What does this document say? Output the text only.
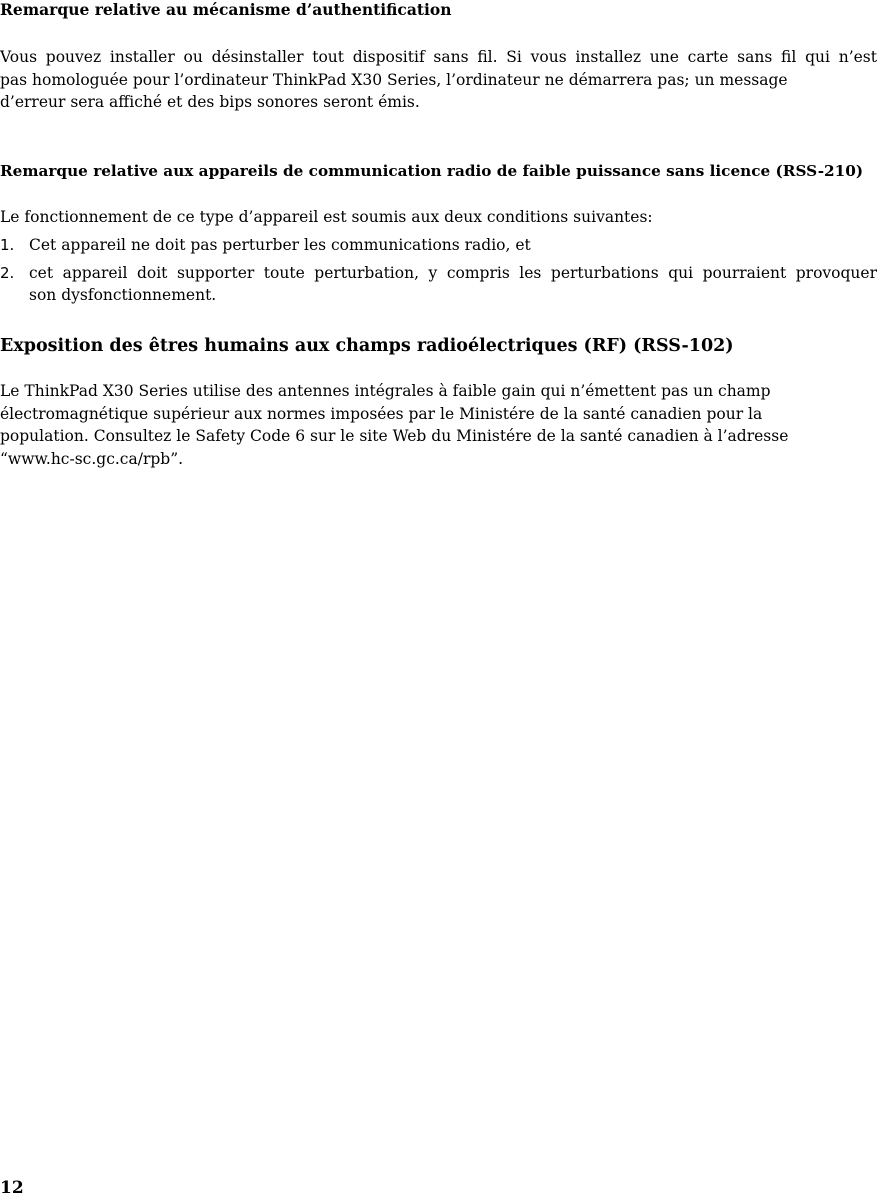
Remarque relative au mécanisme d’authentification
Vous pouvez installer ou désinstaller tout dispositif sans fil. Si vous installez une carte sans fil qui n’est
pas homologuée pour l’ordinateur ThinkPad X30 Series, l’ordinateur ne démarrera pas; un message
d’erreur sera affiché et des bips sonores seront émis.
Remarque relative aux appareils de communication radio de faible puissance sans licence (RSS-210)
Le fonctionnement de ce type d’appareil est soumis aux deux conditions suivantes:
1. Cet appareil ne doit pas perturber les communications radio, et
2. cet appareil doit supporter toute perturbation, y compris les perturbations qui pourraient provoquer
son dysfonctionnement.
Exposition des êtres humains aux champs radioélectriques (RF) (RSS-102)
Le ThinkPad X30 Series utilise des antennes intégrales à faible gain qui n’émettent pas un champ
électromagnétique supérieur aux normes imposées par le Ministére de la santé canadien pour la
population. Consultez le Safety Code 6 sur le site Web du Ministére de la santé canadien à l’adresse
“www.hc-sc.gc.ca/rpb”.
12
